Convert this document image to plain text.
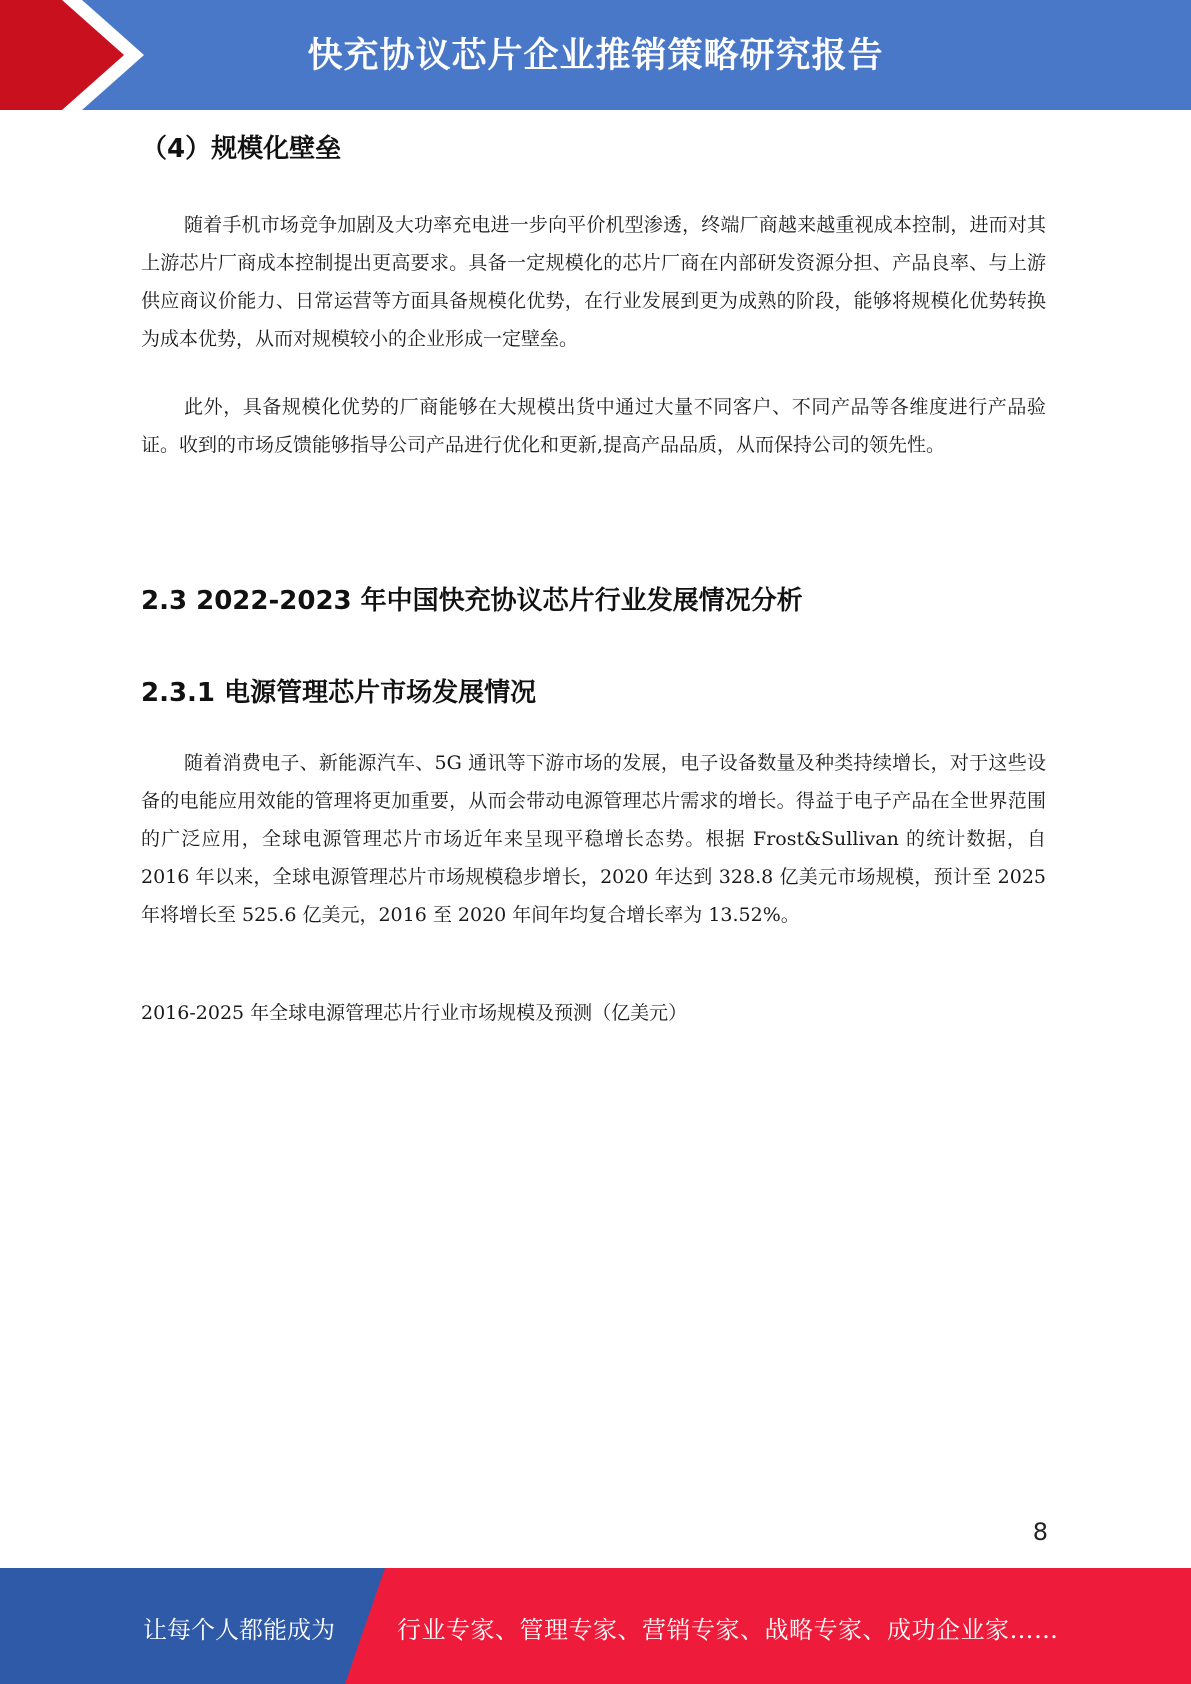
快充协议芯片企业推销策略研究报告
（4）规模化壁垒

随着手机市场竞争加剧及大功率充电进一步向平价机型渗透，终端厂商越来越重视成本控制，进而对其上游芯片厂商成本控制提出更高要求。具备一定规模化的芯片厂商在内部研发资源分担、产品良率、与上游供应商议价能力、日常运营等方面具备规模化优势，在行业发展到更为成熟的阶段，能够将规模化优势转换为成本优势，从而对规模较小的企业形成一定壁垒。

此外，具备规模化优势的厂商能够在大规模出货中通过大量不同客户、不同产品等各维度进行产品验证。收到的市场反馈能够指导公司产品进行优化和更新,提高产品品质，从而保持公司的领先性。

2.3 2022-2023 年中国快充协议芯片行业发展情况分析
2.3.1 电源管理芯片市场发展情况

随着消费电子、新能源汽车、5G 通讯等下游市场的发展，电子设备数量及种类持续增长，对于这些设备的电能应用效能的管理将更加重要，从而会带动电源管理芯片需求的增长。得益于电子产品在全世界范围的广泛应用，全球电源管理芯片市场近年来呈现平稳增长态势。根据 Frost&Sullivan 的统计数据，自 2016 年以来，全球电源管理芯片市场规模稳步增长，2020 年达到 328.8 亿美元市场规模，预计至 2025 年将增长至 525.6 亿美元，2016 至 2020 年间年均复合增长率为 13.52%。

2016-2025 年全球电源管理芯片行业市场规模及预测（亿美元）
8
让每个人都能成为	行业专家、管理专家、营销专家、战略专家、成功企业家……
